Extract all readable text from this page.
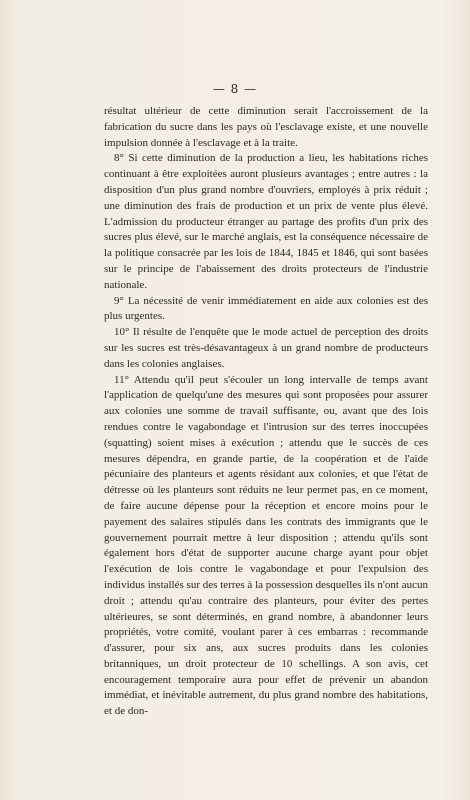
— 8 —

résultat ultérieur de cette diminution serait l'accroissement de la fabrication du sucre dans les pays où l'esclavage existe, et une nouvelle impulsion donnée à l'esclavage et à la traite.

8° Si cette diminution de la production a lieu, les habitations riches continuant à être exploitées auront plusieurs avantages ; entre autres : la disposition d'un plus grand nombre d'ouvriers, employés à prix réduit ; une diminution des frais de production et un prix de vente plus élevé. L'admission du producteur étranger au partage des profits d'un prix des sucres plus élevé, sur le marché anglais, est la conséquence nécessaire de la politique consacrée par les lois de 1844, 1845 et 1846, qui sont basées sur le principe de l'abaissement des droits protecteurs de l'industrie nationale.

9° La nécessité de venir immédiatement en aide aux colonies est des plus urgentes.

10° Il résulte de l'enquête que le mode actuel de perception des droits sur les sucres est très-désavantageux à un grand nombre de producteurs dans les colonies anglaises.

11° Attendu qu'il peut s'écouler un long intervalle de temps avant l'application de quelqu'une des mesures qui sont proposées pour assurer aux colonies une somme de travail suffisante, ou, avant que des lois rendues contre le vagabondage et l'intrusion sur des terres inoccupées (squatting) soient mises à exécution ; attendu que le succès de ces mesures dépendra, en grande partie, de la coopération et de l'aide pécuniaire des planteurs et agents résidant aux colonies, et que l'état de détresse où les planteurs sont réduits ne leur permet pas, en ce moment, de faire aucune dépense pour la réception et encore moins pour le payement des salaires stipulés dans les contrats des immigrants que le gouvernement pourrait mettre à leur disposition ; attendu qu'ils sont également hors d'état de supporter aucune charge ayant pour objet l'exécution de lois contre le vagabondage et pour l'expulsion des individus installés sur des terres à la possession desquelles ils n'ont aucun droit ; attendu qu'au contraire des planteurs, pour éviter des pertes ultérieures, se sont déterminés, en grand nombre, à abandonner leurs propriétés, votre comité, voulant parer à ces embarras : recommande d'assurer, pour six ans, aux sucres produits dans les colonies britanniques, un droit protecteur de 10 schellings. A son avis, cet encouragement temporaire aura pour effet de prévenir un abandon immédiat, et inévitable autrement, du plus grand nombre des habitations, et de don-
